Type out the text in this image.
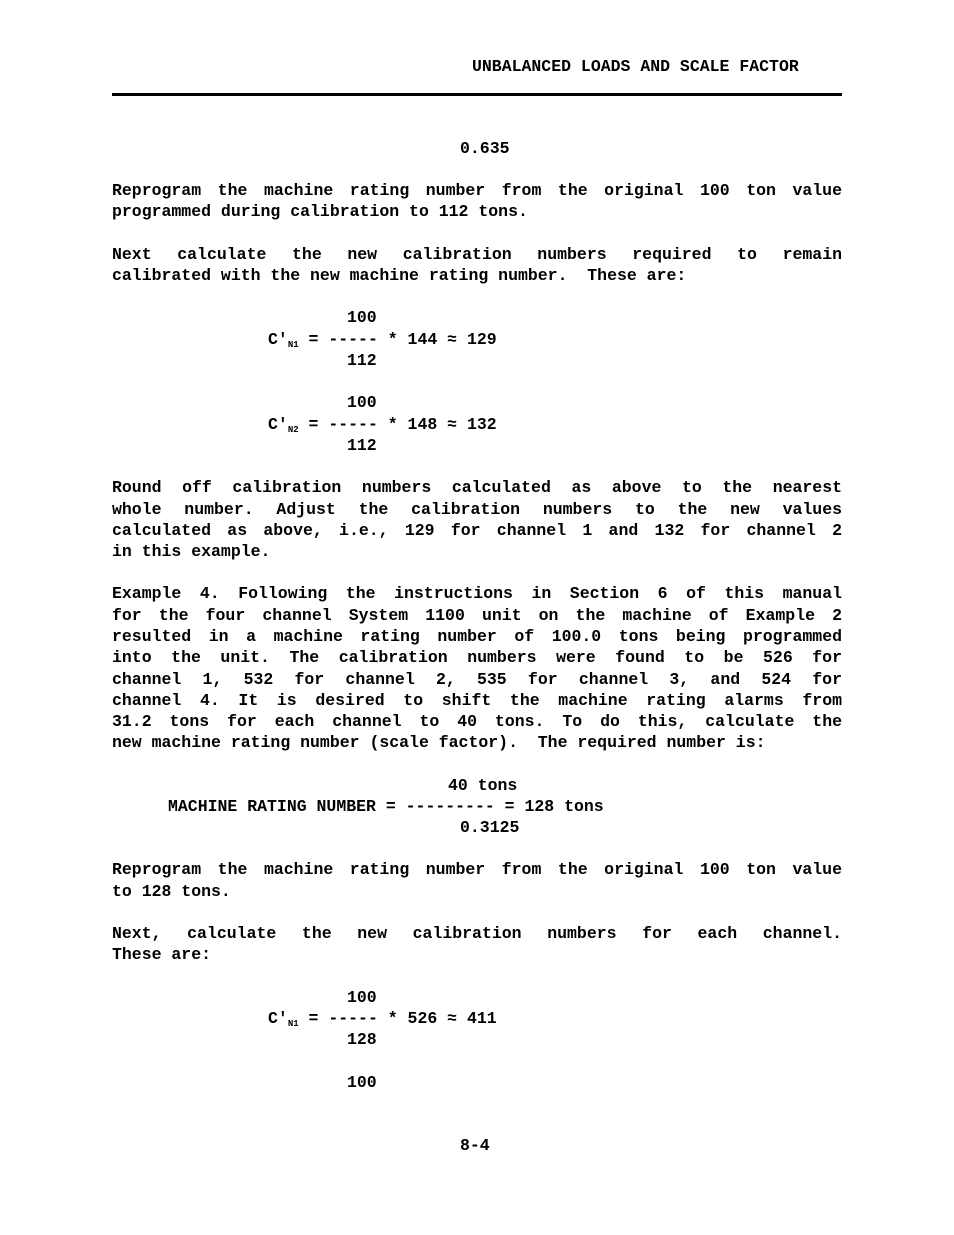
UNBALANCED LOADS AND SCALE FACTOR
0.635
Reprogram the machine rating number from the original 100 ton value
programmed during calibration to 112 tons.
Next calculate the new calibration numbers required to remain
calibrated with the new machine rating number.  These are:
100
$C'_{N1}$ = ----- * 144 ≈ 129
112
100
$C'_{N2}$ = ----- * 148 ≈ 132
112
Round off calibration numbers calculated as above to the nearest
whole number. Adjust the calibration numbers to the new values
calculated as above, i.e., 129 for channel 1 and 132 for channel 2
in this example.
Example 4. Following the instructions in Section 6 of this manual
for the four channel System 1100 unit on the machine of Example 2
resulted in a machine rating number of 100.0 tons being programmed
into the unit. The calibration numbers were found to be 526 for
channel 1, 532 for channel 2, 535 for channel 3, and 524 for
channel 4. It is desired to shift the machine rating alarms from
31.2 tons for each channel to 40 tons. To do this, calculate the
new machine rating number (scale factor).  The required number is:
40 tons
MACHINE RATING NUMBER = --------- = 128 tons
0.3125
Reprogram the machine rating number from the original 100 ton value
to 128 tons.
Next, calculate the new calibration numbers for each channel.
These are:
100
$C'_{N1}$ = ----- * 526 ≈ 411
128
100
8-4
